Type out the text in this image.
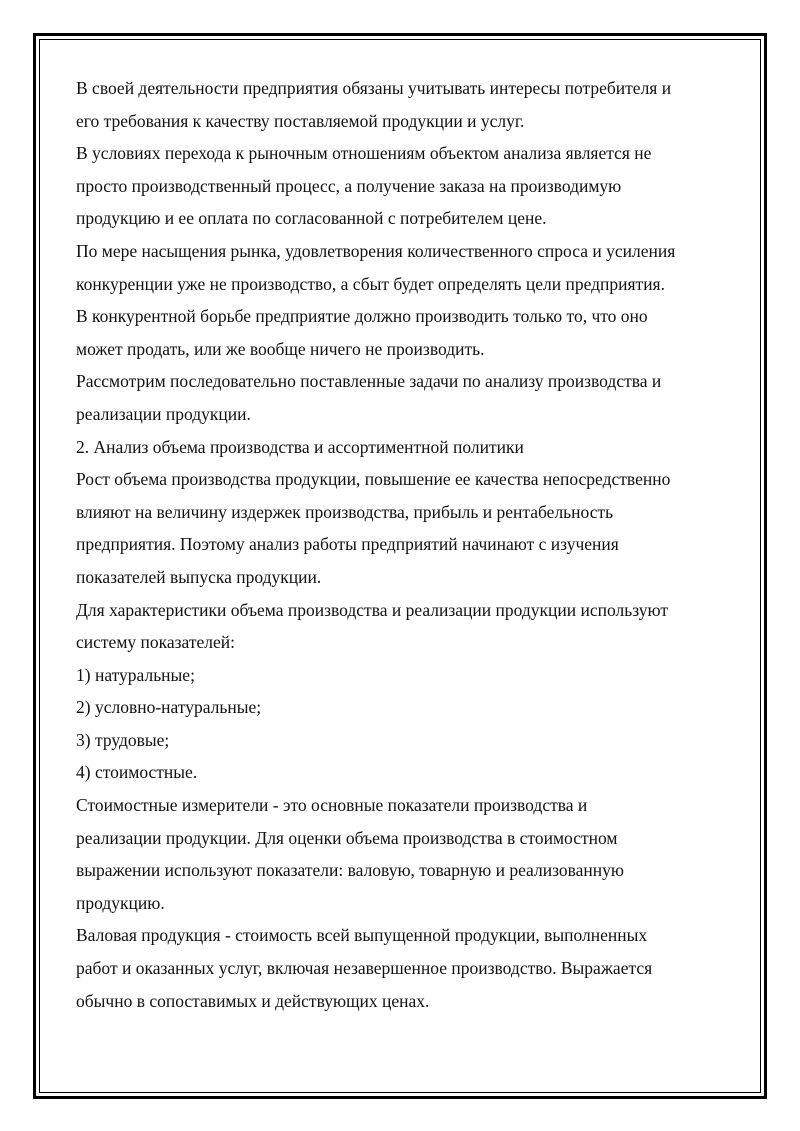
В своей деятельности предприятия обязаны учитывать интересы потребителя и
его требования к качеству поставляемой продукции и услуг.
В условиях перехода к рыночным отношениям объектом анализа является не
просто производственный процесс, а получение заказа на производимую
продукцию и ее оплата по согласованной с потребителем цене.
По мере насыщения рынка, удовлетворения количественного спроса и усиления
конкуренции уже не производство, а сбыт будет определять цели предприятия.
В конкурентной борьбе предприятие должно производить только то, что оно
может продать, или же вообще ничего не производить.
Рассмотрим последовательно поставленные задачи по анализу производства и
реализации продукции.
2. Анализ объема производства и ассортиментной политики
Рост объема производства продукции, повышение ее качества непосредственно
влияют на величину издержек производства, прибыль и рентабельность
предприятия. Поэтому анализ работы предприятий начинают с изучения
показателей выпуска продукции.
Для характеристики объема производства и реализации продукции используют
систему показателей:
1) натуральные;
2) условно-натуральные;
3) трудовые;
4) стоимостные.
Стоимостные измерители - это основные показатели производства и
реализации продукции. Для оценки объема производства в стоимостном
выражении используют показатели: валовую, товарную и реализованную
продукцию.
Валовая продукция - стоимость всей выпущенной продукции, выполненных
работ и оказанных услуг, включая незавершенное производство. Выражается
обычно в сопоставимых и действующих ценах.
